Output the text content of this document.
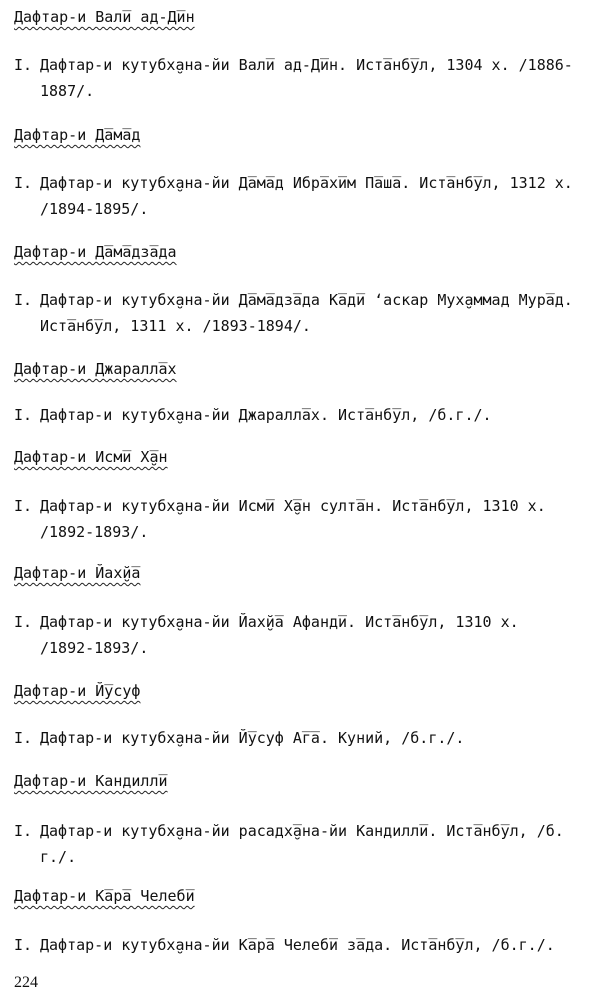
Дафтар-и Вали̅ ад-Ди̅н
I. Дафтар-и кутубх̮ана-йи Вали̅ ад-Ди̅н. Иста̅нбу̅л, 1304 х. /1886-
1887/.
Дафтар-и Да̅ма̅д
I. Дафтар-и кутубх̮ана-йи Да̅ма̅д Ибра̅хи̅м Па̅ша̅. Иста̅нбу̅л, 1312 х.
/1894-1895/.
Дафтар-и Да̅ма̅дза̅да
I. Дафтар-и кутубх̮ана-йи Да̅ма̅дза̅да Ка̅ди̅ ʻаскар Мух̮аммад Мура̅д.
Иста̅нбу̅л, 1311 х. /1893-1894/.
Дафтар-и Джаралла̅х
I. Дафтар-и кутубх̮ана-йи Джаралла̅х. Иста̅нбу̅л, /б.г./.
Дафтар-и Исми̅ Х̮а̅н
I. Дафтар-и кутубх̮ана-йи Исми̅ Х̮а̅н султа̅н. Иста̅нбу̅л, 1310 х.
/1892-1893/.
Дафтар-и Йах̮йа̅
I. Дафтар-и кутубх̮ана-йи Йах̮йа̅ Афанди̅. Иста̅нбу̅л, 1310 х.
/1892-1893/.
Дафтар-и Йу̅суф
I. Дафтар-и кутубх̮ана-йи Йу̅суф А̅га̅. Куний, /б.г./.
Дафтар-и Кандилли̅
I. Дафтар-и кутубх̮ана-йи расадх̮а̅на-йи Кандилли̅. Иста̅нбу̅л, /б.
г./.
Дафтар-и Ка̅ра̅ Челеби̅
I. Дафтар-и кутубх̮ана-йи Ка̅ра̅ Челеби̅ за̅да. Иста̅нбу̅л, /б.г./.
224
